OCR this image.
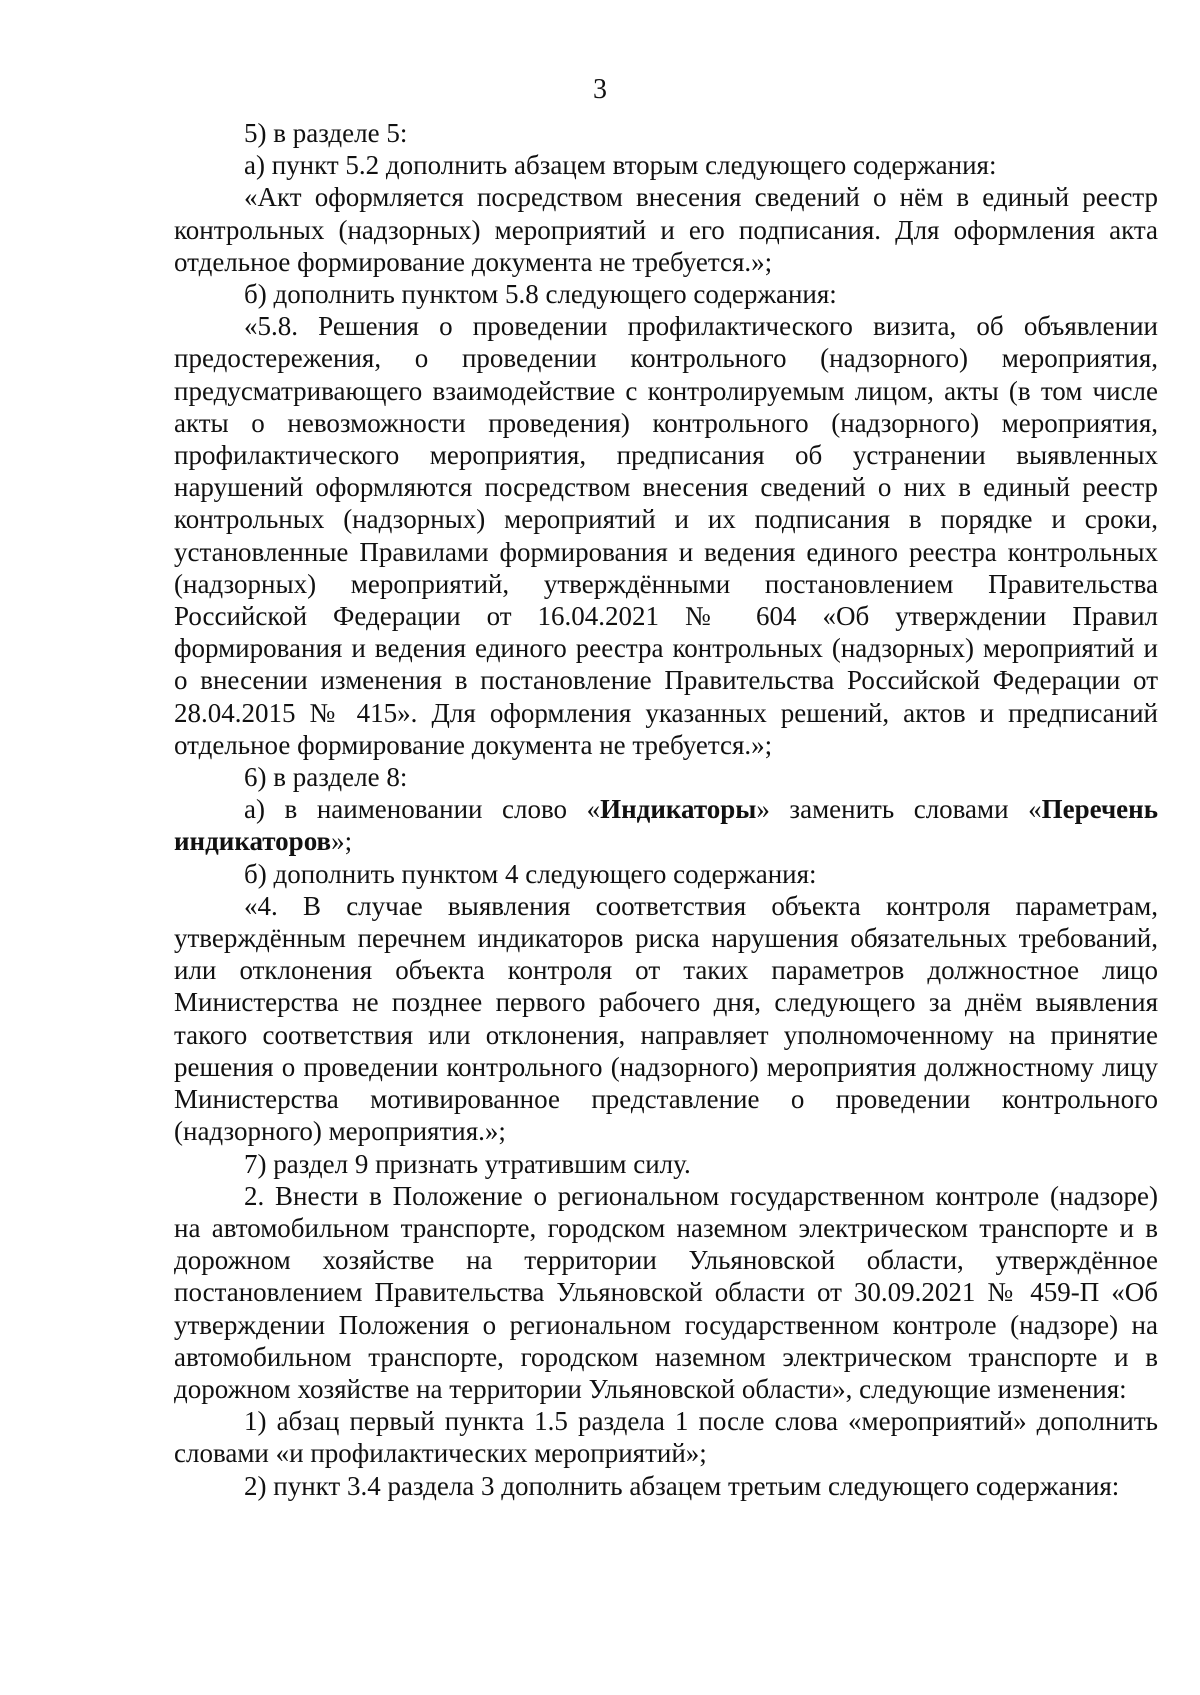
3

5) в разделе 5:

а) пункт 5.2 дополнить абзацем вторым следующего содержания:

«Акт оформляется посредством внесения сведений о нём в единый реестр контрольных (надзорных) мероприятий и его подписания. Для оформления акта отдельное формирование документа не требуется.»;

б) дополнить пунктом 5.8 следующего содержания:

«5.8. Решения о проведении профилактического визита, об объявлении предостережения, о проведении контрольного (надзорного) мероприятия, предусматривающего взаимодействие с контролируемым лицом, акты (в том числе акты о невозможности проведения) контрольного (надзорного) мероприятия, профилактического мероприятия, предписания об устранении выявленных нарушений оформляются посредством внесения сведений о них в единый реестр контрольных (надзорных) мероприятий и их подписания в порядке и сроки, установленные Правилами формирования и ведения единого реестра контрольных (надзорных) мероприятий, утверждёнными постановлением Правительства Российской Федерации от 16.04.2021 № 604 «Об утверждении Правил формирования и ведения единого реестра контрольных (надзорных) мероприятий и о внесении изменения в постановление Правительства Российской Федерации от 28.04.2015 № 415». Для оформления указанных решений, актов и предписаний отдельное формирование документа не требуется.»;

6) в разделе 8:

а) в наименовании слово «Индикаторы» заменить словами «Перечень индикаторов»;

б) дополнить пунктом 4 следующего содержания:

«4. В случае выявления соответствия объекта контроля параметрам, утверждённым перечнем индикаторов риска нарушения обязательных требований, или отклонения объекта контроля от таких параметров должностное лицо Министерства не позднее первого рабочего дня, следующего за днём выявления такого соответствия или отклонения, направляет уполномоченному на принятие решения о проведении контрольного (надзорного) мероприятия должностному лицу Министерства мотивированное представление о проведении контрольного (надзорного) мероприятия.»;

7) раздел 9 признать утратившим силу.

2. Внести в Положение о региональном государственном контроле (надзоре) на автомобильном транспорте, городском наземном электрическом транспорте и в дорожном хозяйстве на территории Ульяновской области, утверждённое постановлением Правительства Ульяновской области от 30.09.2021 № 459-П «Об утверждении Положения о региональном государственном контроле (надзоре) на автомобильном транспорте, городском наземном электрическом транспорте и в дорожном хозяйстве на территории Ульяновской области», следующие изменения:

1) абзац первый пункта 1.5 раздела 1 после слова «мероприятий» дополнить словами «и профилактических мероприятий»;

2) пункт 3.4 раздела 3 дополнить абзацем третьим следующего содержания:
